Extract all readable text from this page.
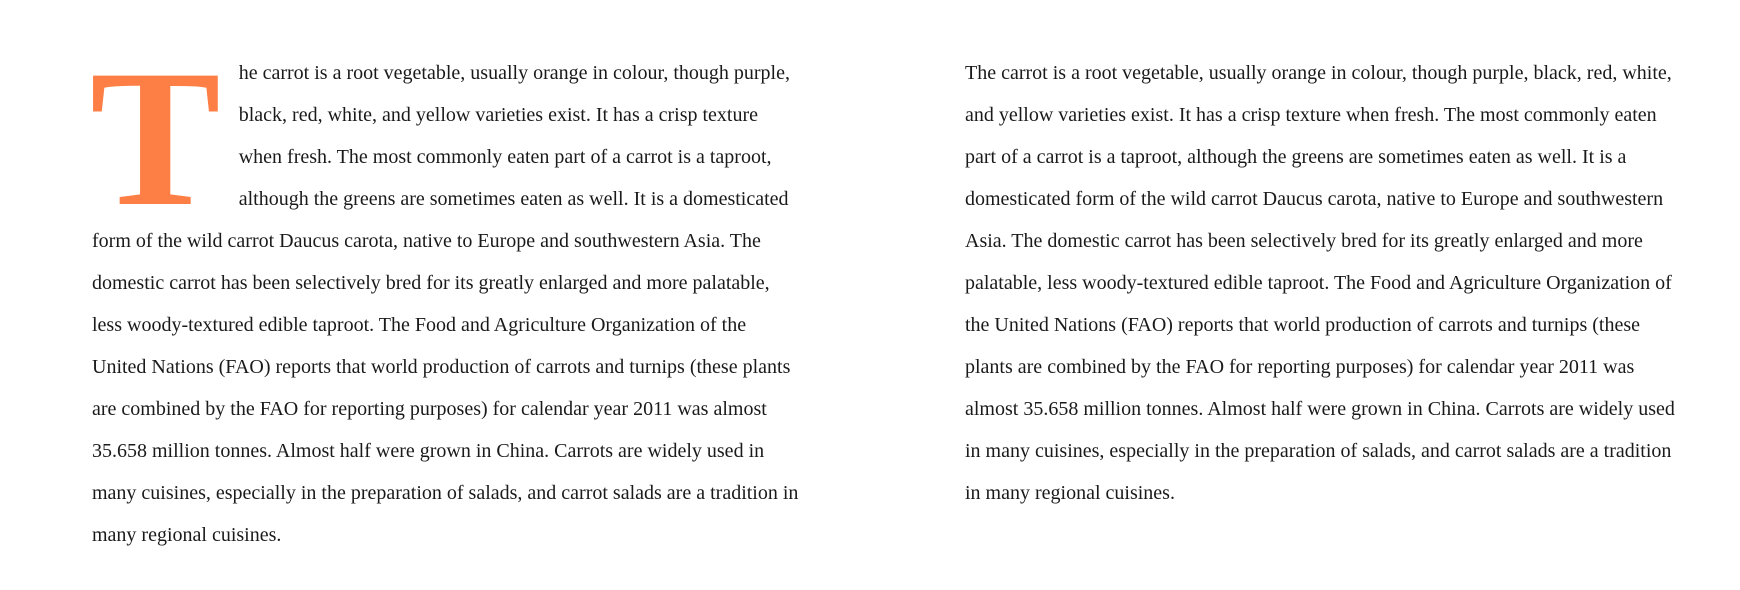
The carrot is a root vegetable, usually orange in colour, though purple, black, red, white, and yellow varieties exist. It has a crisp texture when fresh. The most commonly eaten part of a carrot is a taproot, although the greens are sometimes eaten as well. It is a domesticated form of the wild carrot Daucus carota, native to Europe and southwestern Asia. The domestic carrot has been selectively bred for its greatly enlarged and more palatable, less woody-textured edible taproot. The Food and Agriculture Organization of the United Nations (FAO) reports that world production of carrots and turnips (these plants are combined by the FAO for reporting purposes) for calendar year 2011 was almost 35.658 million tonnes. Almost half were grown in China. Carrots are widely used in many cuisines, especially in the preparation of salads, and carrot salads are a tradition in many regional cuisines.

The carrot is a root vegetable, usually orange in colour, though purple, black, red, white, and yellow varieties exist. It has a crisp texture when fresh. The most commonly eaten part of a carrot is a taproot, although the greens are sometimes eaten as well. It is a domesticated form of the wild carrot Daucus carota, native to Europe and southwestern Asia. The domestic carrot has been selectively bred for its greatly enlarged and more palatable, less woody-textured edible taproot. The Food and Agriculture Organization of the United Nations (FAO) reports that world production of carrots and turnips (these plants are combined by the FAO for reporting purposes) for calendar year 2011 was almost 35.658 million tonnes. Almost half were grown in China. Carrots are widely used in many cuisines, especially in the preparation of salads, and carrot salads are a tradition in many regional cuisines.
